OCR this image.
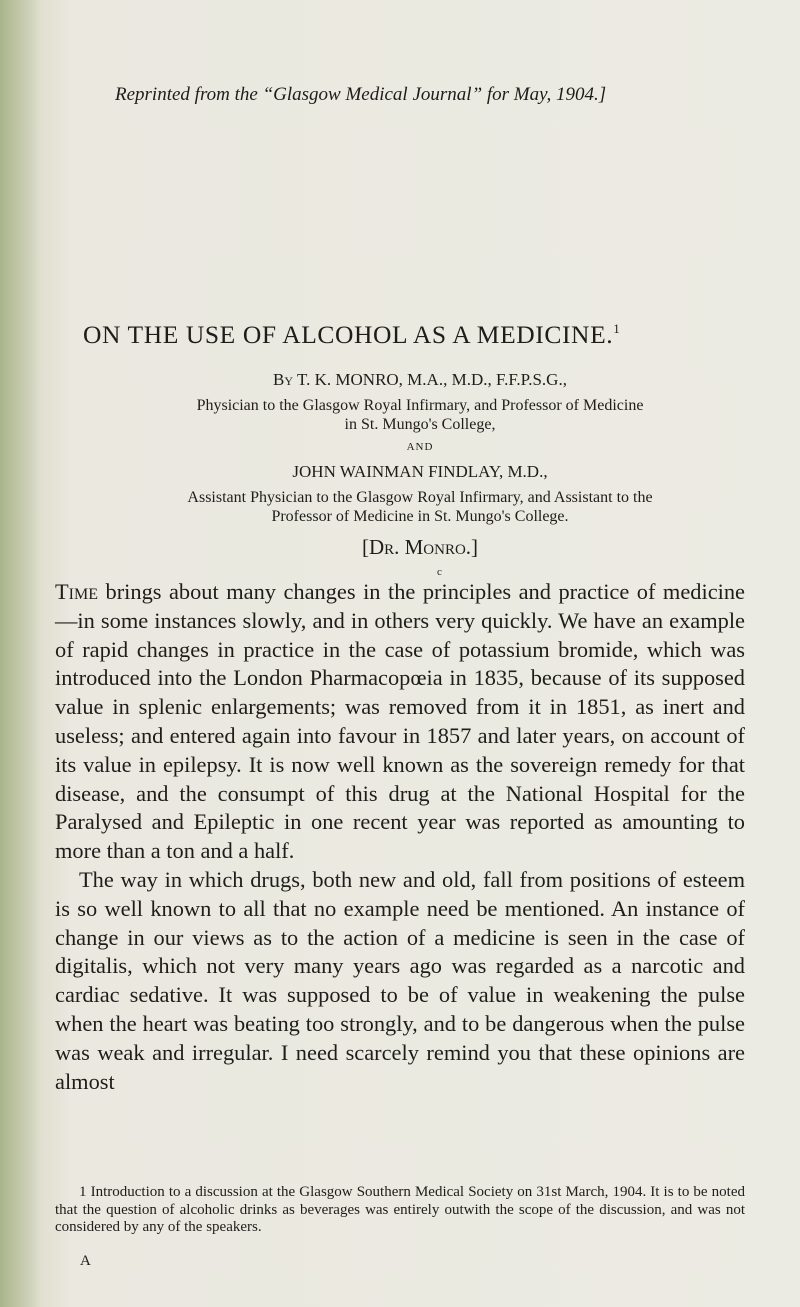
Reprinted from the “Glasgow Medical Journal” for May, 1904.]
ON THE USE OF ALCOHOL AS A MEDICINE.$^1$
By T. K. MONRO, M.A., M.D., F.F.P.S.G.,
Physician to the Glasgow Royal Infirmary, and Professor of Medicine
in St. Mungo's College,
AND
JOHN WAINMAN FINDLAY, M.D.,
Assistant Physician to the Glasgow Royal Infirmary, and Assistant to the
Professor of Medicine in St. Mungo's College.
[Dr. Monro.]
c

Time brings about many changes in the principles and practice of medicine—in some instances slowly, and in others very quickly. We have an example of rapid changes in practice in the case of potassium bromide, which was introduced into the London Pharmacopœia in 1835, because of its supposed value in splenic enlargements; was removed from it in 1851, as inert and useless; and entered again into favour in 1857 and later years, on account of its value in epilepsy. It is now well known as the sovereign remedy for that disease, and the consumpt of this drug at the National Hospital for the Paralysed and Epileptic in one recent year was reported as amounting to more than a ton and a half.

The way in which drugs, both new and old, fall from positions of esteem is so well known to all that no example need be mentioned. An instance of change in our views as to the action of a medicine is seen in the case of digitalis, which not very many years ago was regarded as a narcotic and cardiac sedative. It was supposed to be of value in weakening the pulse when the heart was beating too strongly, and to be dangerous when the pulse was weak and irregular. I need scarcely remind you that these opinions are almost

1 Introduction to a discussion at the Glasgow Southern Medical Society on 31st March, 1904. It is to be noted that the question of alcoholic drinks as beverages was entirely outwith the scope of the discussion, and was not considered by any of the speakers.

A
